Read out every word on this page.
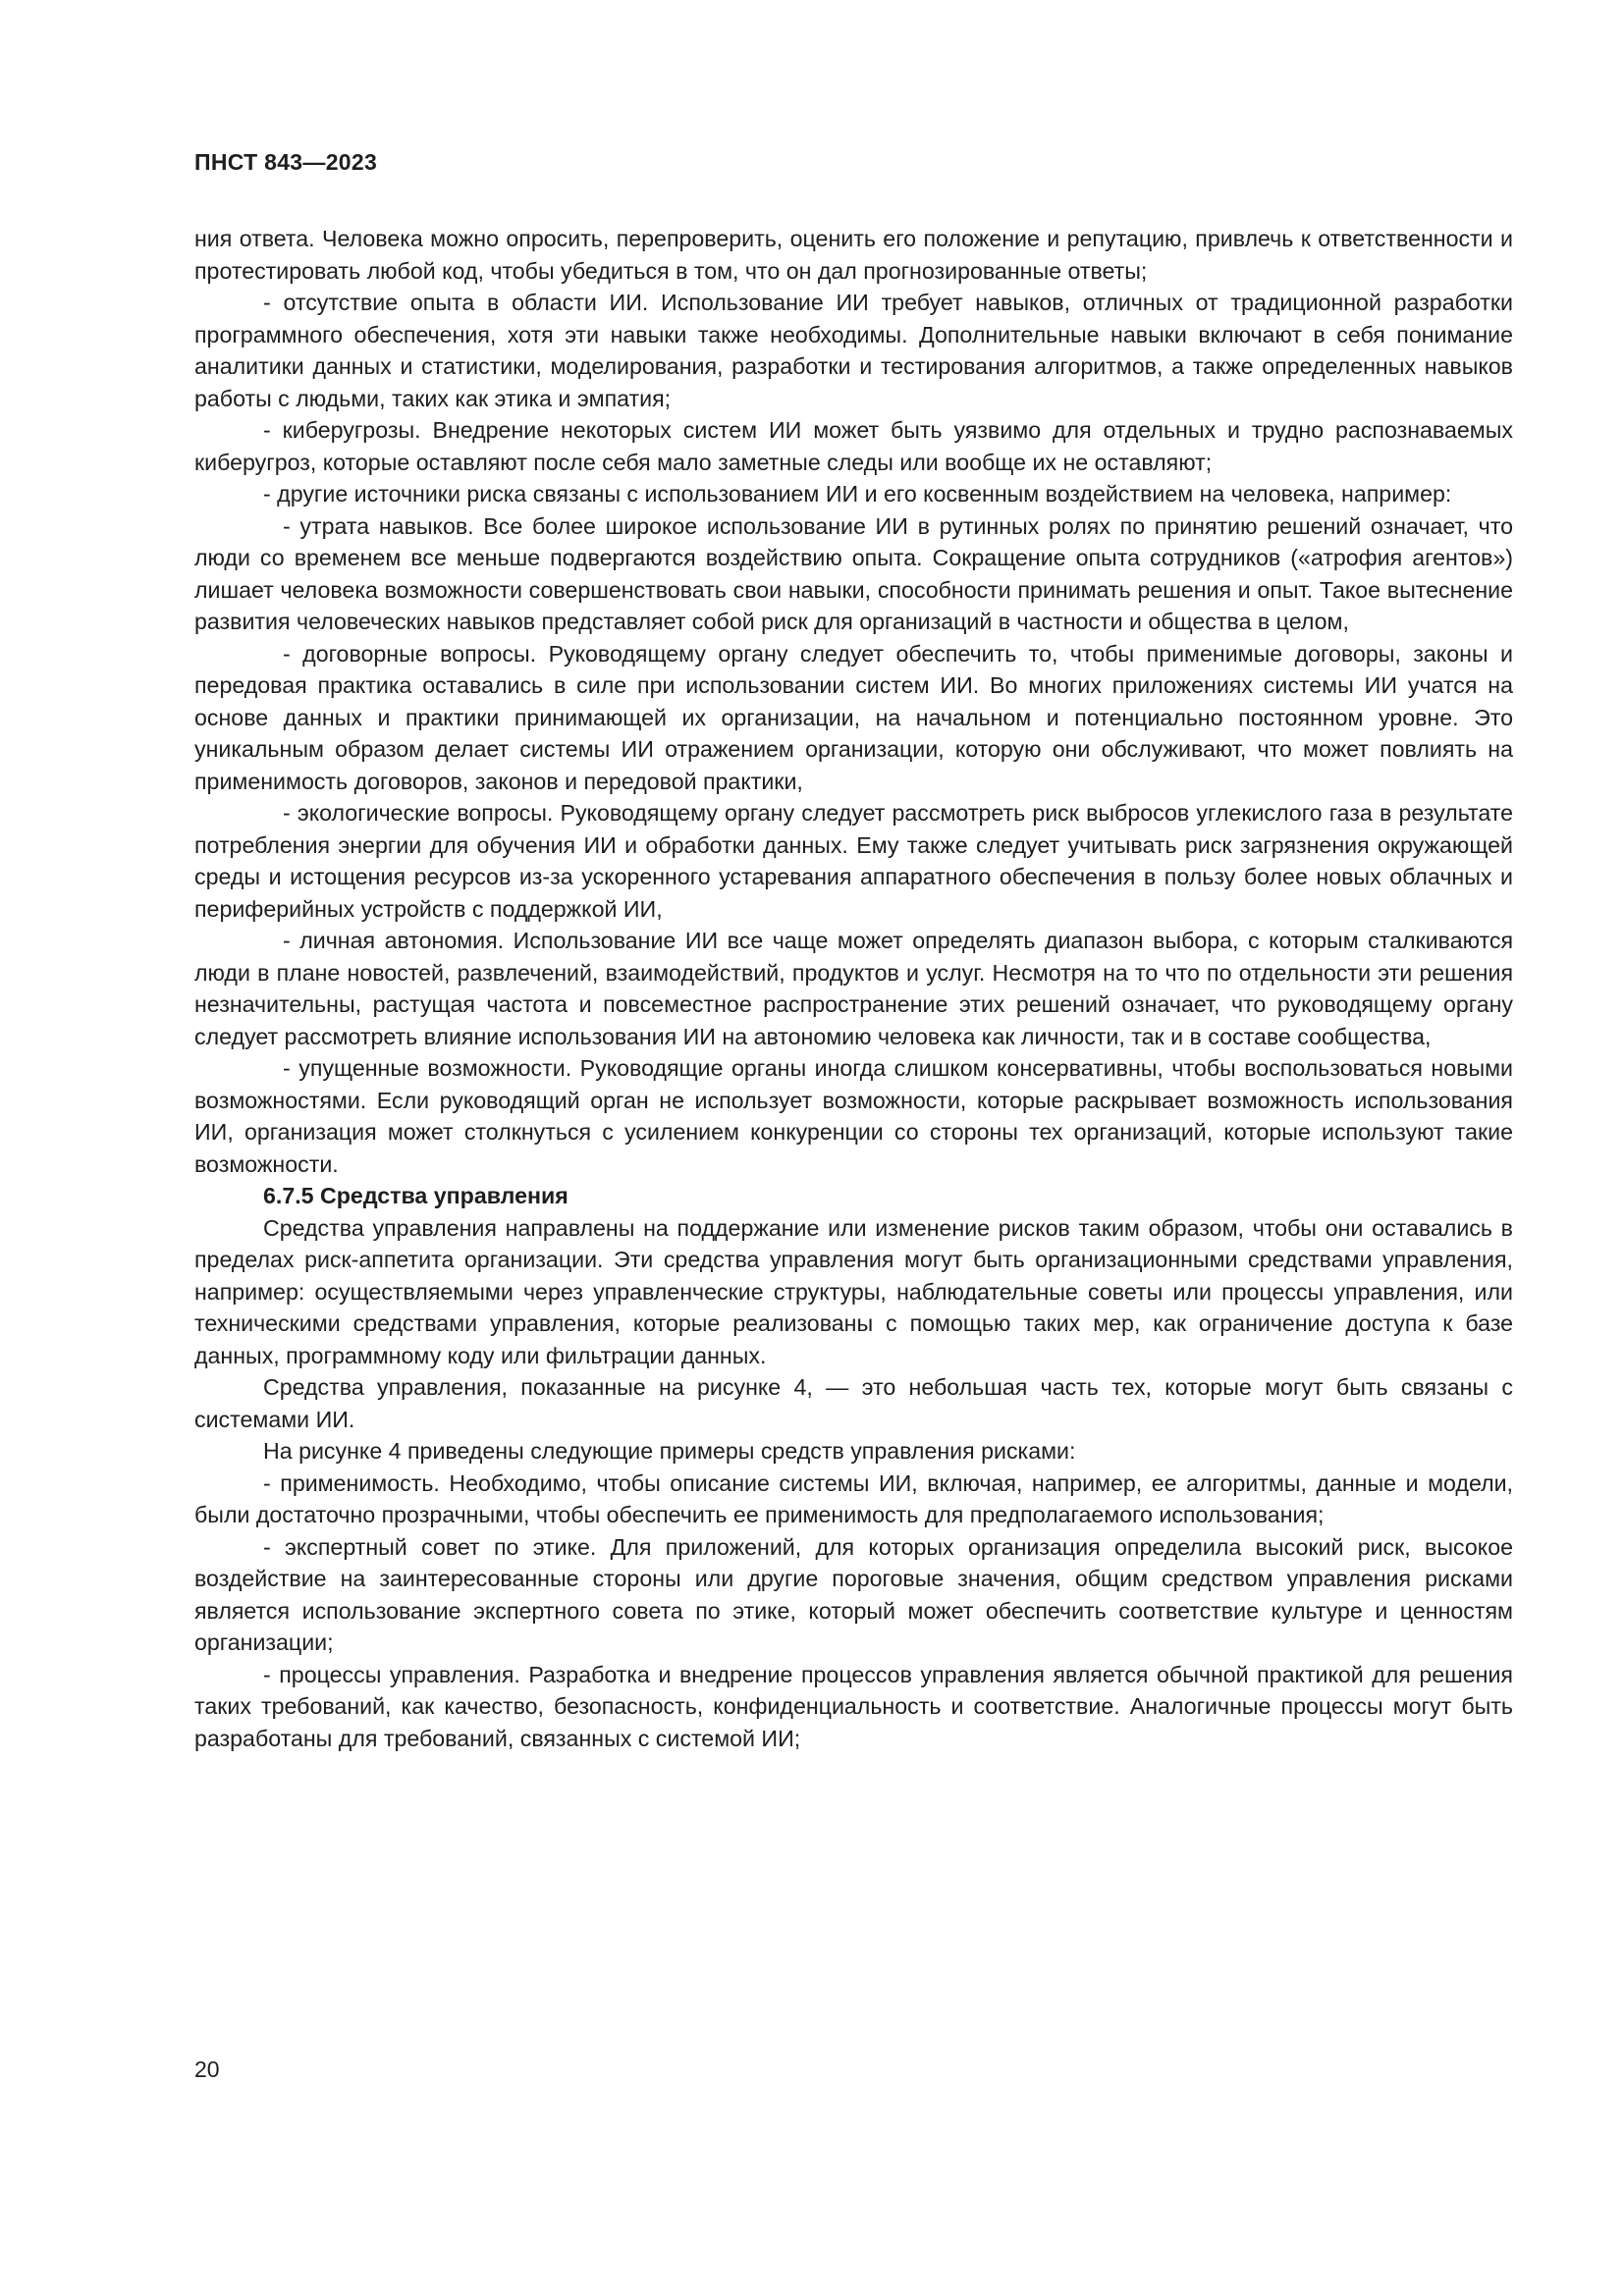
ПНСТ 843—2023

ния ответа. Человека можно опросить, перепроверить, оценить его положение и репутацию, привлечь к ответственности и протестировать любой код, чтобы убедиться в том, что он дал прогнозированные ответы;

- отсутствие опыта в области ИИ. Использование ИИ требует навыков, отличных от традиционной разработки программного обеспечения, хотя эти навыки также необходимы. Дополнительные навыки включают в себя понимание аналитики данных и статистики, моделирования, разработки и тестирования алгоритмов, а также определенных навыков работы с людьми, таких как этика и эмпатия;

- киберугрозы. Внедрение некоторых систем ИИ может быть уязвимо для отдельных и трудно распознаваемых киберугроз, которые оставляют после себя мало заметные следы или вообще их не оставляют;

- другие источники риска связаны с использованием ИИ и его косвенным воздействием на человека, например:

- утрата навыков. Все более широкое использование ИИ в рутинных ролях по принятию решений означает, что люди со временем все меньше подвергаются воздействию опыта. Сокращение опыта сотрудников («атрофия агентов») лишает человека возможности совершенствовать свои навыки, способности принимать решения и опыт. Такое вытеснение развития человеческих навыков представляет собой риск для организаций в частности и общества в целом,

- договорные вопросы. Руководящему органу следует обеспечить то, чтобы применимые договоры, законы и передовая практика оставались в силе при использовании систем ИИ. Во многих приложениях системы ИИ учатся на основе данных и практики принимающей их организации, на начальном и потенциально постоянном уровне. Это уникальным образом делает системы ИИ отражением организации, которую они обслуживают, что может повлиять на применимость договоров, законов и передовой практики,

- экологические вопросы. Руководящему органу следует рассмотреть риск выбросов углекислого газа в результате потребления энергии для обучения ИИ и обработки данных. Ему также следует учитывать риск загрязнения окружающей среды и истощения ресурсов из-за ускоренного устаревания аппаратного обеспечения в пользу более новых облачных и периферийных устройств с поддержкой ИИ,

- личная автономия. Использование ИИ все чаще может определять диапазон выбора, с которым сталкиваются люди в плане новостей, развлечений, взаимодействий, продуктов и услуг. Несмотря на то что по отдельности эти решения незначительны, растущая частота и повсеместное распространение этих решений означает, что руководящему органу следует рассмотреть влияние использования ИИ на автономию человека как личности, так и в составе сообщества,

- упущенные возможности. Руководящие органы иногда слишком консервативны, чтобы воспользоваться новыми возможностями. Если руководящий орган не использует возможности, которые раскрывает возможность использования ИИ, организация может столкнуться с усилением конкуренции со стороны тех организаций, которые используют такие возможности.

6.7.5 Средства управления

Средства управления направлены на поддержание или изменение рисков таким образом, чтобы они оставались в пределах риск-аппетита организации. Эти средства управления могут быть организационными средствами управления, например: осуществляемыми через управленческие структуры, наблюдательные советы или процессы управления, или техническими средствами управления, которые реализованы с помощью таких мер, как ограничение доступа к базе данных, программному коду или фильтрации данных.

Средства управления, показанные на рисунке 4, — это небольшая часть тех, которые могут быть связаны с системами ИИ.

На рисунке 4 приведены следующие примеры средств управления рисками:

- применимость. Необходимо, чтобы описание системы ИИ, включая, например, ее алгоритмы, данные и модели, были достаточно прозрачными, чтобы обеспечить ее применимость для предполагаемого использования;

- экспертный совет по этике. Для приложений, для которых организация определила высокий риск, высокое воздействие на заинтересованные стороны или другие пороговые значения, общим средством управления рисками является использование экспертного совета по этике, который может обеспечить соответствие культуре и ценностям организации;

- процессы управления. Разработка и внедрение процессов управления является обычной практикой для решения таких требований, как качество, безопасность, конфиденциальность и соответствие. Аналогичные процессы могут быть разработаны для требований, связанных с системой ИИ;

20
